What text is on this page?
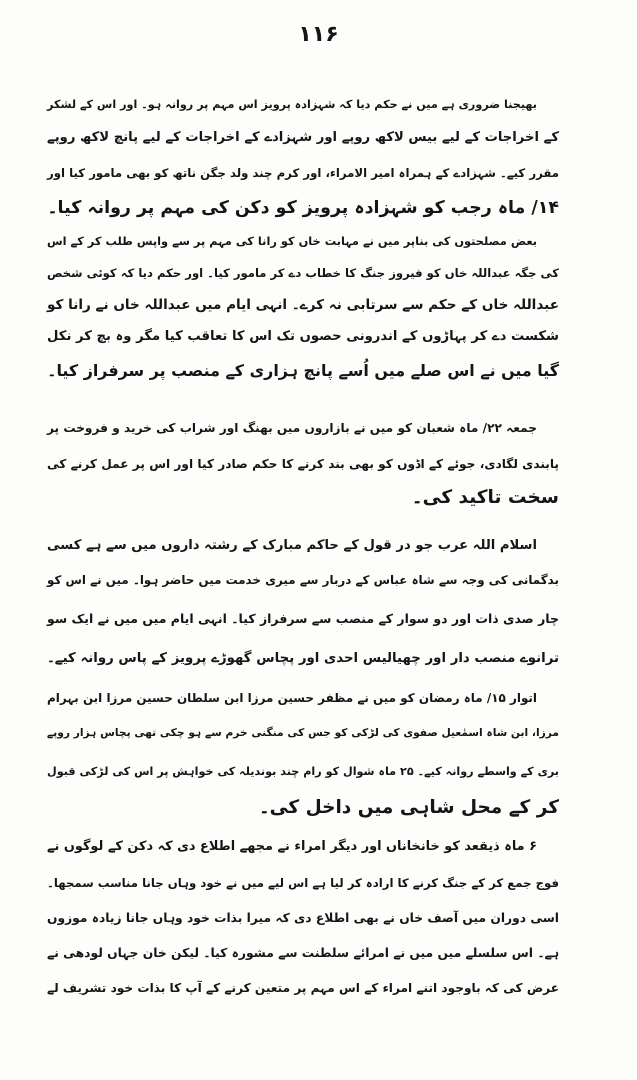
۱۱۶
بھیجنا ضروری ہے میں نے حکم دیا کہ شہزادہ پرویز اس مہم پر روانہ ہو۔ اور اس کے لشکر
کے اخراجات کے لیے بیس لاکھ روپے اور شہزادے کے اخراجات کے لیے پانچ لاکھ روپے
مقرر کیے۔ شہزادے کے ہمراہ امیر الامراء، اور کرم چند ولد جگن ناتھ کو بھی مامور کیا اور
۱۴/ ماہ رجب کو شہزادہ پرویز کو دکن کی مہم پر روانہ کیا۔
بعض مصلحتوں کی بناپر میں نے مہابت خاں کو رانا کی مہم پر سے واپس طلب کر کے اس
کی جگہ عبداللہ خاں کو فیروز جنگ کا خطاب دے کر مامور کیا۔ اور حکم دیا کہ کوئی شخص
عبداللہ خاں کے حکم سے سرتابی نہ کرے۔ انہی ایام میں عبداللہ خاں نے رانا کو
شکست دے کر پہاڑوں کے اندرونی حصوں تک اس کا تعاقب کیا مگر وہ بچ کر نکل
گیا میں نے اس صلے میں اُسے پانچ ہزاری کے منصب پر سرفراز کیا۔
جمعہ ۲۲/ ماہ شعبان کو میں نے بازاروں میں بھنگ اور شراب کی خرید و فروخت پر
پابندی لگادی، جوئے کے اڈوں کو بھی بند کرنے کا حکم صادر کیا اور اس پر عمل کرنے کی
سخت تاکید کی۔
اسلام اللہ عرب جو در قول کے حاکم مبارک کے رشتہ داروں میں سے ہے کسی
بدگمانی کی وجہ سے شاہ عباس کے دربار سے میری خدمت میں حاضر ہوا۔ میں نے اس کو
چار صدی ذات اور دو سوار کے منصب سے سرفراز کیا۔ انہی ایام میں میں نے ایک سو
ترانوے منصب دار اور چھیالیس احدی اور پچاس گھوڑے پرویز کے پاس روانہ کیے۔
اتوار ۱۵/ ماہ رمضان کو میں نے مظفر حسین مرزا ابن سلطان حسین مرزا ابن بہرام
مرزا، ابن شاہ اسمٰعیل صفوی کی لڑکی کو جس کی منگنی خرم سے ہو چکی تھی پچاس ہزار روپے
بری کے واسطے روانہ کیے۔ ۲۵ ماہ شوال کو رام چند بوندیلہ کی خواہش پر اس کی لڑکی قبول
کر کے محل شاہی میں داخل کی۔
۶ ماہ ذیقعد کو خانخاناں اور دیگر امراء نے مجھے اطلاع دی کہ دکن کے لوگوں نے
فوج جمع کر کے جنگ کرنے کا ارادہ کر لیا ہے اس لیے میں نے خود وہاں جانا مناسب سمجھا۔
اسی دوران میں آصف خاں نے بھی اطلاع دی کہ میرا بذات خود وہاں جانا زیادہ موزوں
ہے۔ اس سلسلے میں میں نے امرائے سلطنت سے مشورہ کیا۔ لیکن خان جہاں لودھی نے
عرض کی کہ باوجود اتنے امراء کے اس مہم پر متعین کرنے کے آپ کا بذات خود تشریف لے
